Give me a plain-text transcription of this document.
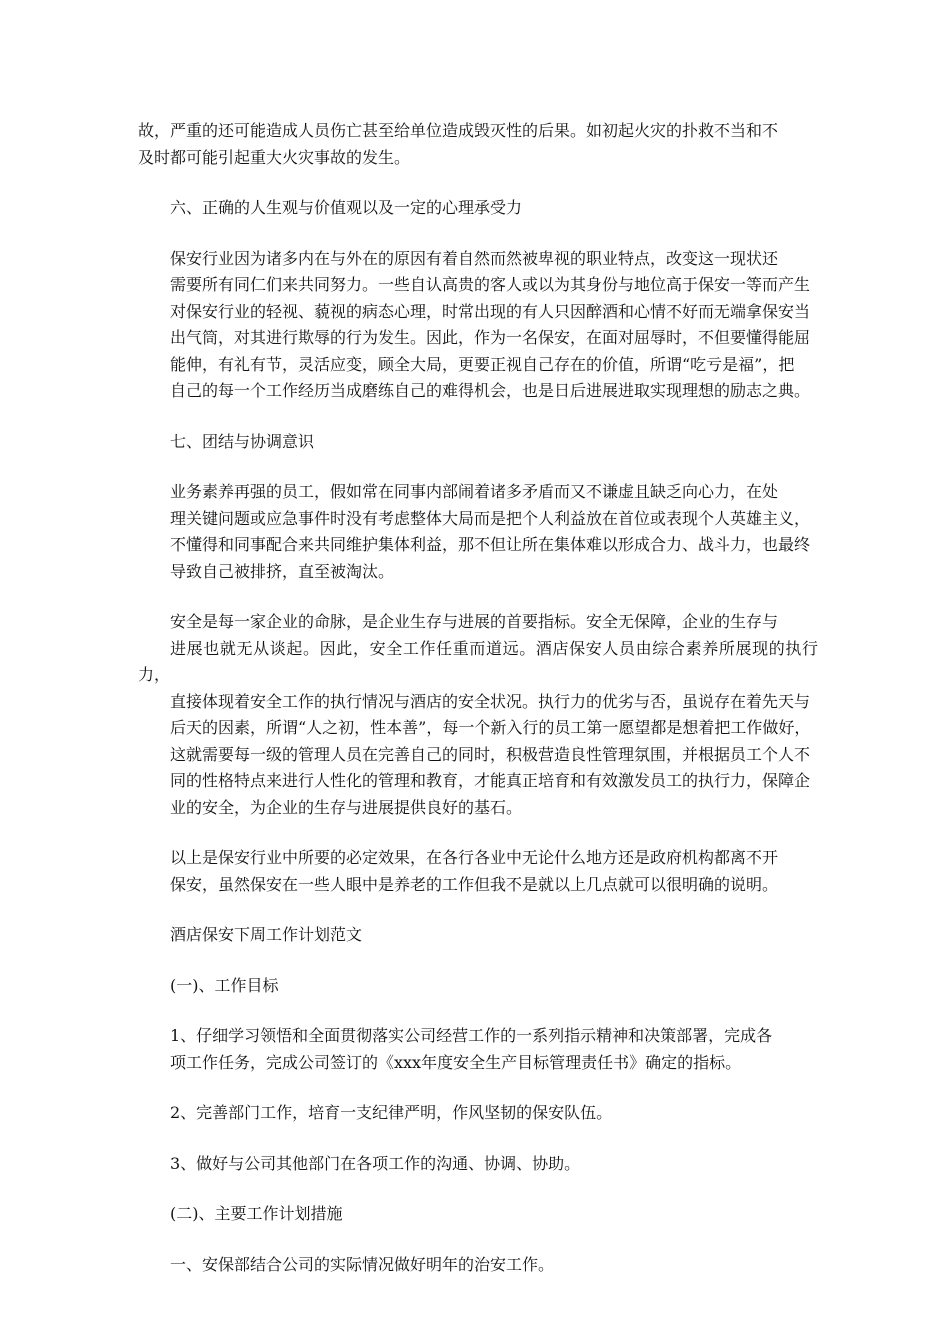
故，严重的还可能造成人员伤亡甚至给单位造成毁灭性的后果。如初起火灾的扑救不当和不
及时都可能引起重大火灾事故的发生。

六、正确的人生观与价值观以及一定的心理承受力

保安行业因为诸多内在与外在的原因有着自然而然被卑视的职业特点，改变这一现状还
需要所有同仁们来共同努力。一些自认高贵的客人或以为其身份与地位高于保安一等而产生
对保安行业的轻视、藐视的病态心理，时常出现的有人只因醉酒和心情不好而无端拿保安当
出气筒，对其进行欺辱的行为发生。因此，作为一名保安，在面对屈辱时，不但要懂得能屈
能伸，有礼有节，灵活应变，顾全大局，更要正视自己存在的价值，所谓“吃亏是福”，把
自己的每一个工作经历当成磨练自己的难得机会，也是日后进展进取实现理想的励志之典。

七、团结与协调意识

业务素养再强的员工，假如常在同事内部闹着诸多矛盾而又不谦虚且缺乏向心力，在处
理关键问题或应急事件时没有考虑整体大局而是把个人利益放在首位或表现个人英雄主义，
不懂得和同事配合来共同维护集体利益，那不但让所在集体难以形成合力、战斗力，也最终
导致自己被排挤，直至被淘汰。

安全是每一家企业的命脉，是企业生存与进展的首要指标。安全无保障，企业的生存与
进展也就无从谈起。因此，安全工作任重而道远。酒店保安人员由综合素养所展现的执行力，
直接体现着安全工作的执行情况与酒店的安全状况。执行力的优劣与否，虽说存在着先天与
后天的因素，所谓“人之初，性本善”，每一个新入行的员工第一愿望都是想着把工作做好，
这就需要每一级的管理人员在完善自己的同时，积极营造良性管理氛围，并根据员工个人不
同的性格特点来进行人性化的管理和教育，才能真正培育和有效激发员工的执行力，保障企
业的安全，为企业的生存与进展提供良好的基石。

以上是保安行业中所要的必定效果，在各行各业中无论什么地方还是政府机构都离不开
保安，虽然保安在一些人眼中是养老的工作但我不是就以上几点就可以很明确的说明。

酒店保安下周工作计划范文

(一)、工作目标

1、仔细学习领悟和全面贯彻落实公司经营工作的一系列指示精神和决策部署，完成各
项工作任务，完成公司签订的《xxx年度安全生产目标管理责任书》确定的指标。

2、完善部门工作，培育一支纪律严明，作风坚韧的保安队伍。

3、做好与公司其他部门在各项工作的沟通、协调、协助。

(二)、主要工作计划措施

一、安保部结合公司的实际情况做好明年的治安工作。
